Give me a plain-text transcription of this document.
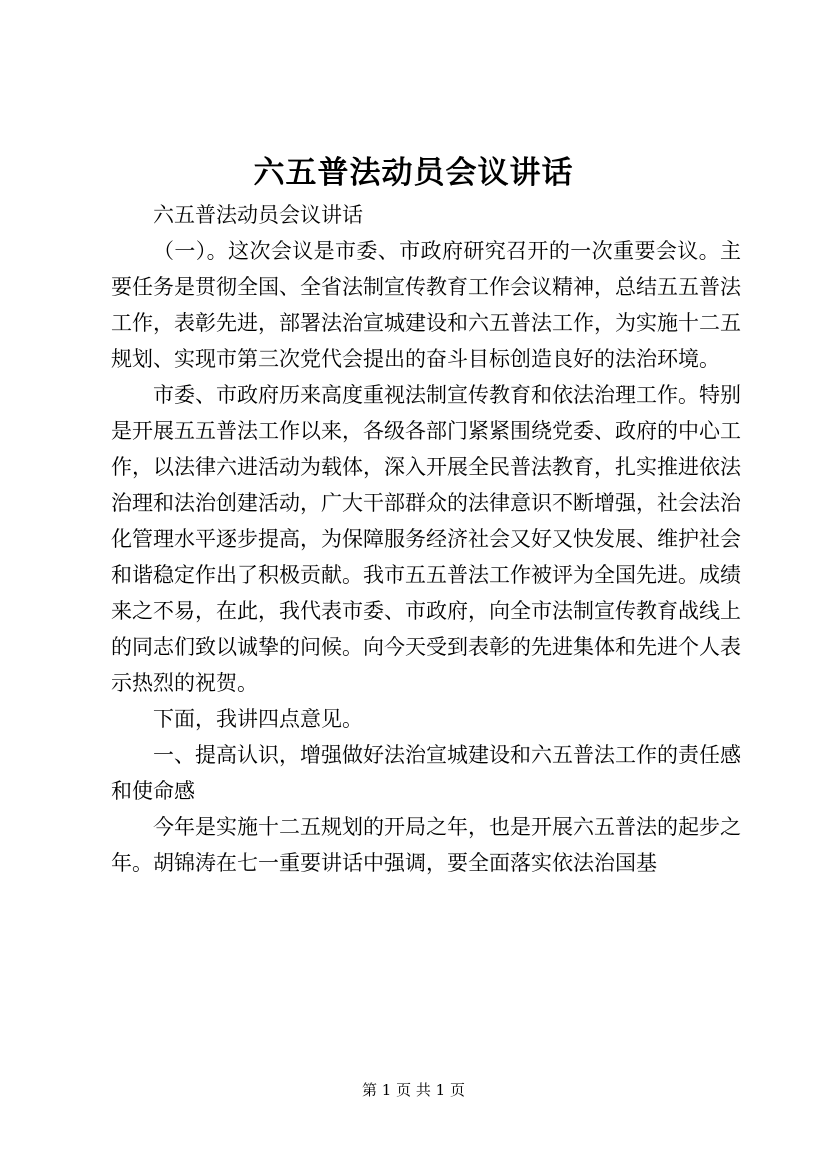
六五普法动员会议讲话

六五普法动员会议讲话

（一）。这次会议是市委、市政府研究召开的一次重要会议。主要任务是贯彻全国、全省法制宣传教育工作会议精神，总结五五普法工作，表彰先进，部署法治宣城建设和六五普法工作，为实施十二五规划、实现市第三次党代会提出的奋斗目标创造良好的法治环境。

市委、市政府历来高度重视法制宣传教育和依法治理工作。特别是开展五五普法工作以来，各级各部门紧紧围绕党委、政府的中心工作，以法律六进活动为载体，深入开展全民普法教育，扎实推进依法治理和法治创建活动，广大干部群众的法律意识不断增强，社会法治化管理水平逐步提高，为保障服务经济社会又好又快发展、维护社会和谐稳定作出了积极贡献。我市五五普法工作被评为全国先进。成绩来之不易，在此，我代表市委、市政府，向全市法制宣传教育战线上的同志们致以诚挚的问候。向今天受到表彰的先进集体和先进个人表示热烈的祝贺。

下面，我讲四点意见。

一、提高认识，增强做好法治宣城建设和六五普法工作的责任感和使命感

今年是实施十二五规划的开局之年，也是开展六五普法的起步之年。胡锦涛在七一重要讲话中强调，要全面落实依法治国基

第 1 页 共 1 页
